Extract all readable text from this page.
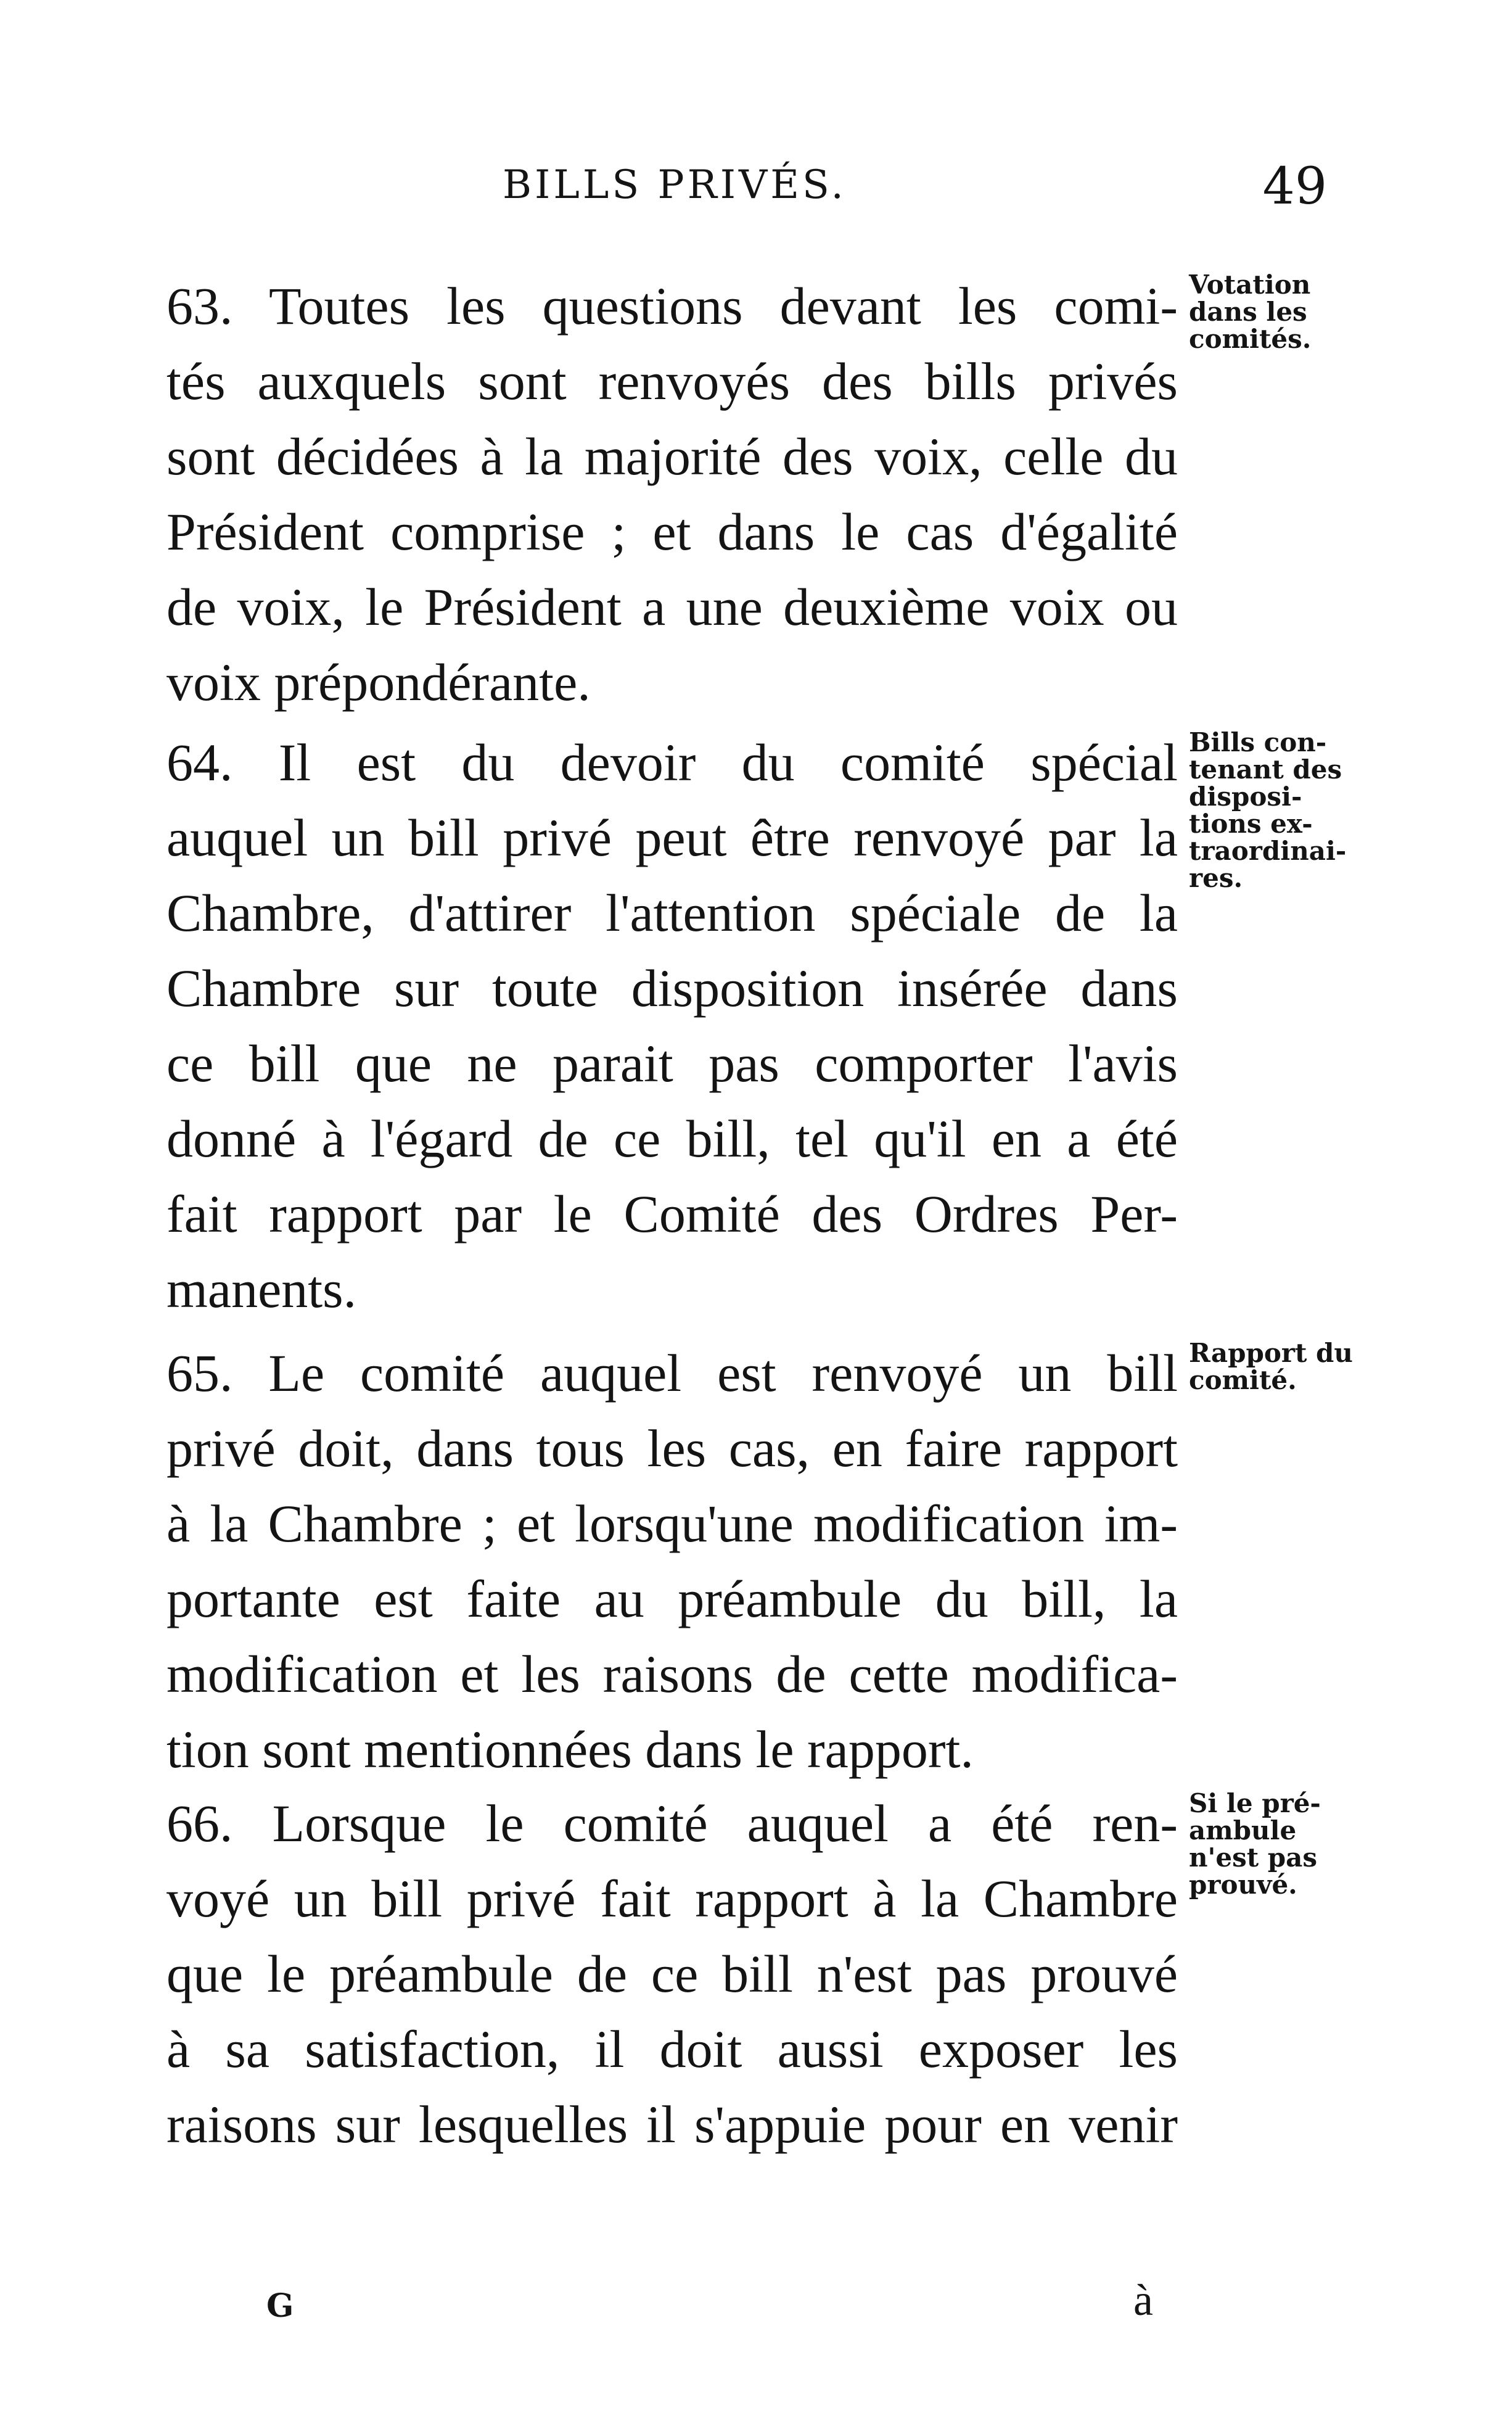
BILLS PRIVÉS.	49
63. Toutes les questions devant les comi-
tés auxquels sont renvoyés des bills privés
sont décidées à la majorité des voix, celle du
Président comprise ; et dans le cas d'égalité
de voix, le Président a une deuxième voix ou
voix prépondérante.
Votation
dans les
comités.
64. Il est du devoir du comité spécial
auquel un bill privé peut être renvoyé par la
Chambre, d'attirer l'attention spéciale de la
Chambre sur toute disposition insérée dans
ce bill que ne parait pas comporter l'avis
donné à l'égard de ce bill, tel qu'il en a été
fait rapport par le Comité des Ordres Per-
manents.
Bills con-
tenant des
disposi-
tions ex-
traordinai-
res.
65. Le comité auquel est renvoyé un bill
privé doit, dans tous les cas, en faire rapport
à la Chambre ; et lorsqu'une modification im-
portante est faite au préambule du bill, la
modification et les raisons de cette modifica-
tion sont mentionnées dans le rapport.
Rapport du
comité.
66. Lorsque le comité auquel a été ren-
voyé un bill privé fait rapport à la Chambre
que le préambule de ce bill n'est pas prouvé
à sa satisfaction, il doit aussi exposer les
raisons sur lesquelles il s'appuie pour en venir
Si le pré-
ambule
n'est pas
prouvé.
G	à
